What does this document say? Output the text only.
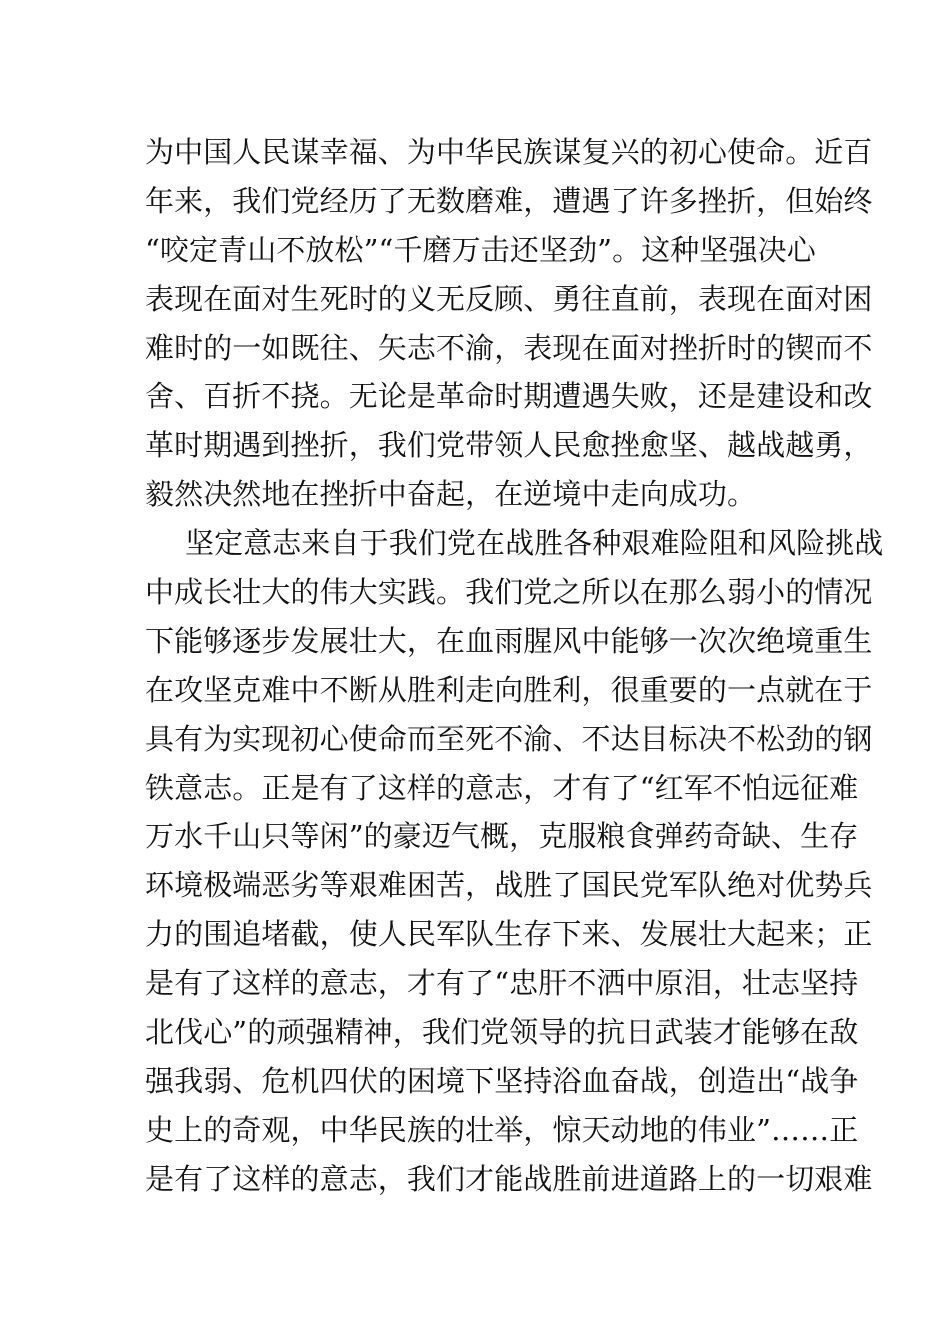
为中国人民谋幸福、为中华民族谋复兴的初心使命。近百
年来，我们党经历了无数磨难，遭遇了许多挫折，但始终
“咬定青山不放松”“千磨万击还坚劲”。这种坚强决心
表现在面对生死时的义无反顾、勇往直前，表现在面对困
难时的一如既往、矢志不渝，表现在面对挫折时的锲而不
舍、百折不挠。无论是革命时期遭遇失败，还是建设和改
革时期遇到挫折，我们党带领人民愈挫愈坚、越战越勇，
毅然决然地在挫折中奋起，在逆境中走向成功。
坚定意志来自于我们党在战胜各种艰难险阻和风险挑战
中成长壮大的伟大实践。我们党之所以在那么弱小的情况
下能够逐步发展壮大，在血雨腥风中能够一次次绝境重生
在攻坚克难中不断从胜利走向胜利，很重要的一点就在于
具有为实现初心使命而至死不渝、不达目标决不松劲的钢
铁意志。正是有了这样的意志，才有了“红军不怕远征难
万水千山只等闲”的豪迈气概，克服粮食弹药奇缺、生存
环境极端恶劣等艰难困苦，战胜了国民党军队绝对优势兵
力的围追堵截，使人民军队生存下来、发展壮大起来；正
是有了这样的意志，才有了“忠肝不洒中原泪，壮志坚持
北伐心”的顽强精神，我们党领导的抗日武装才能够在敌
强我弱、危机四伏的困境下坚持浴血奋战，创造出“战争
史上的奇观，中华民族的壮举，惊天动地的伟业”……正
是有了这样的意志，我们才能战胜前进道路上的一切艰难
